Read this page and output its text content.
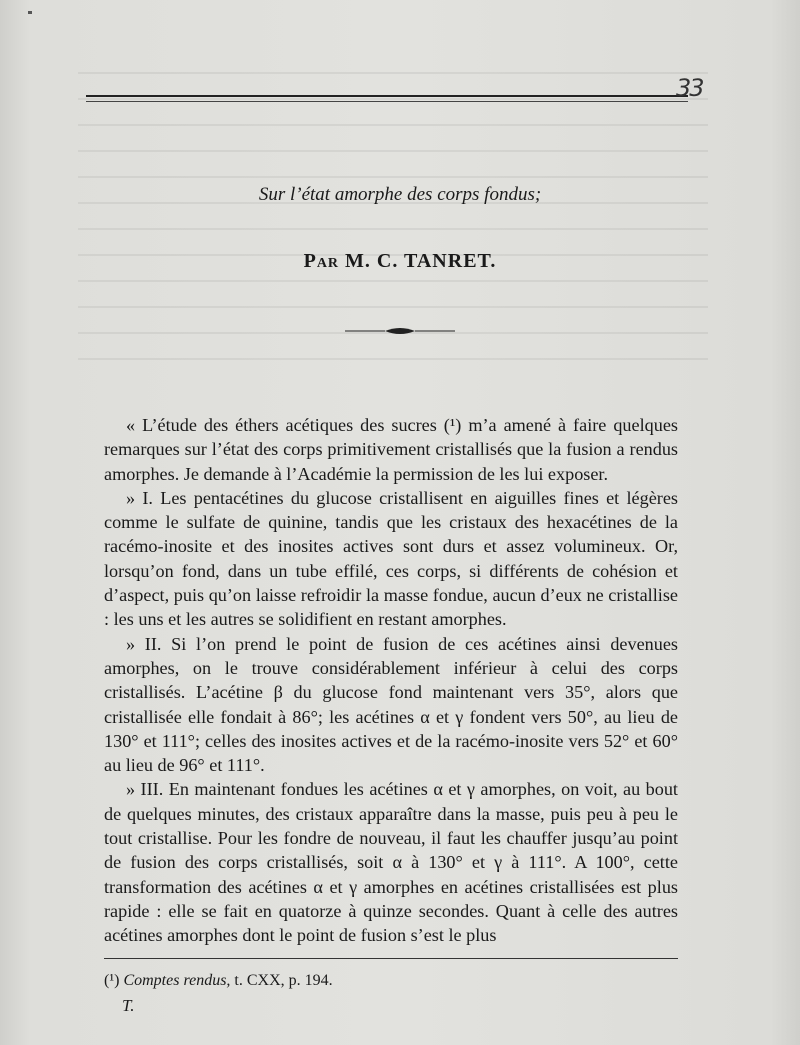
33
Sur l’état amorphe des corps fondus;
Par M. C. TANRET.

« L’étude des éthers acétiques des sucres (¹) m’a amené à faire quelques remarques sur l’état des corps primitivement cristallisés que la fusion a rendus amorphes. Je demande à l’Académie la permission de les lui exposer.

» I. Les pentacétines du glucose cristallisent en aiguilles fines et légères comme le sulfate de quinine, tandis que les cristaux des hexacétines de la racémo-inosite et des inosites actives sont durs et assez volumineux. Or, lorsqu’on fond, dans un tube effilé, ces corps, si différents de cohésion et d’aspect, puis qu’on laisse refroidir la masse fondue, aucun d’eux ne cristallise : les uns et les autres se solidifient en restant amorphes.

» II. Si l’on prend le point de fusion de ces acétines ainsi devenues amorphes, on le trouve considérablement inférieur à celui des corps cristallisés. L’acétine β du glucose fond maintenant vers 35°, alors que cristallisée elle fondait à 86°; les acétines α et γ fondent vers 50°, au lieu de 130° et 111°; celles des inosites actives et de la racémo-inosite vers 52° et 60° au lieu de 96° et 111°.

» III. En maintenant fondues les acétines α et γ amorphes, on voit, au bout de quelques minutes, des cristaux apparaître dans la masse, puis peu à peu le tout cristallise. Pour les fondre de nouveau, il faut les chauffer jusqu’au point de fusion des corps cristallisés, soit α à 130° et γ à 111°. A 100°, cette transformation des acétines α et γ amorphes en acétines cristallisées est plus rapide : elle se fait en quatorze à quinze secondes. Quant à celle des autres acétines amorphes dont le point de fusion s’est le plus

(¹) Comptes rendus, t. CXX, p. 194.
T.
